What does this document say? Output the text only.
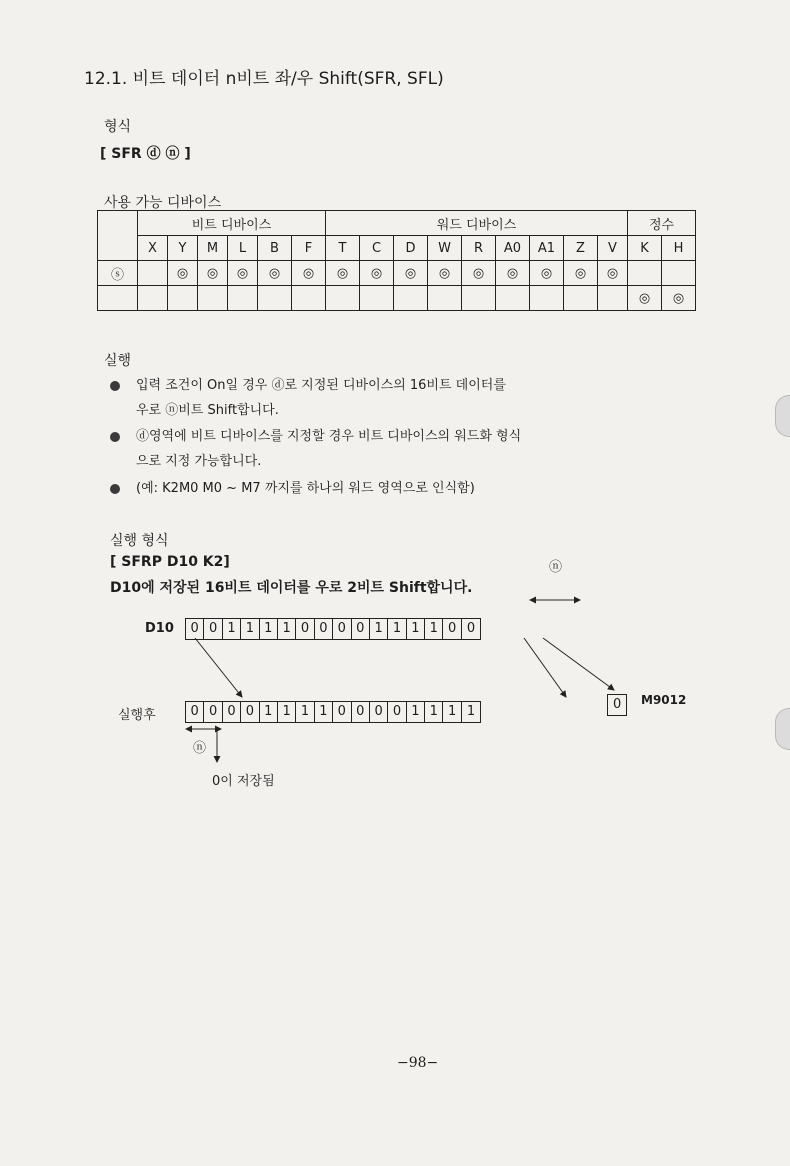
12.1. 비트 데이터 n비트 좌/우 Shift(SFR, SFL)
형식
[ SFR ⓓ ⓝ ]
사용 가능 디바이스
	비트 디바이스						워드 디바이스									정수	
	X	Y	M	L	B	F	T	C	D	W	R	A0	A1	Z	V	K	H
ⓢ		◎	◎	◎	◎	◎	◎	◎	◎	◎	◎	◎	◎	◎	◎		
																◎	◎
실행
입력 조건이 On일 경우 ⓓ로 지정된 디바이스의 16비트 데이터를
우로 ⓝ비트 Shift합니다.
ⓓ영역에 비트 디바이스를 지정할 경우 비트 디바이스의 워드화 형식
으로 지정 가능합니다.
(예: K2M0 M0 ~ M7 까지를 하나의 워드 영역으로 인식함)
실행 형식
[ SFRP D10 K2]	ⓝ
D10에 저장된 16비트 데이터를 우로 2비트 Shift합니다.
D10	0 0 1 1 1 1 0 0 0 0 1 1 1 1 0 0
실행후	0 0 0 0 1 1 1 1 0 0 0 0 1 1 1 1	0	M9012
ⓝ
0이 저장됨
−98−
